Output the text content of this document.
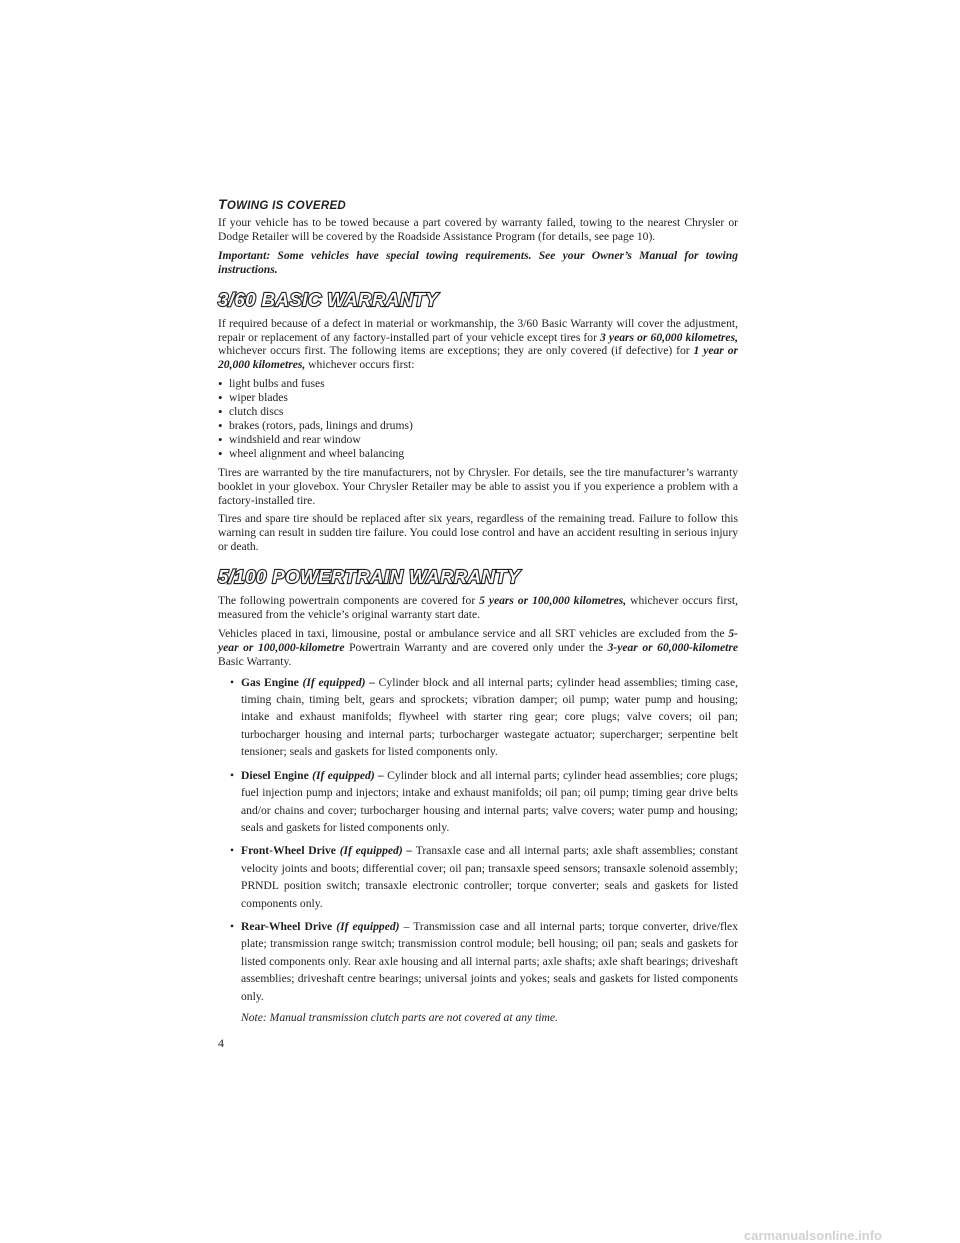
TOWING IS COVERED

If your vehicle has to be towed because a part covered by warranty failed, towing to the nearest Chrysler or Dodge Retailer will be covered by the Roadside Assistance Program (for details, see page 10).

Important: Some vehicles have special towing requirements. See your Owner’s Manual for towing instructions.

3/60 BASIC WARRANTY

If required because of a defect in material or workmanship, the 3/60 Basic Warranty will cover the adjustment, repair or replacement of any factory-installed part of your vehicle except tires for 3 years or 60,000 kilometres, whichever occurs first. The following items are exceptions; they are only covered (if defective) for 1 year or 20,000 kilometres, whichever occurs first:

• light bulbs and fuses
• wiper blades
• clutch discs
• brakes (rotors, pads, linings and drums)
• windshield and rear window
• wheel alignment and wheel balancing

Tires are warranted by the tire manufacturers, not by Chrysler. For details, see the tire manufacturer’s warranty booklet in your glovebox. Your Chrysler Retailer may be able to assist you if you experience a problem with a factory-installed tire.

Tires and spare tire should be replaced after six years, regardless of the remaining tread. Failure to follow this warning can result in sudden tire failure. You could lose control and have an accident resulting in serious injury or death.

5/100 POWERTRAIN WARRANTY

The following powertrain components are covered for 5 years or 100,000 kilometres, whichever occurs first, measured from the vehicle’s original warranty start date.

Vehicles placed in taxi, limousine, postal or ambulance service and all SRT vehicles are excluded from the 5-year or 100,000-kilometre Powertrain Warranty and are covered only under the 3-year or 60,000-kilometre Basic Warranty.

• Gas Engine (If equipped) – Cylinder block and all internal parts; cylinder head assemblies; timing case, timing chain, timing belt, gears and sprockets; vibration damper; oil pump; water pump and housing; intake and exhaust manifolds; flywheel with starter ring gear; core plugs; valve covers; oil pan; turbocharger housing and internal parts; turbocharger wastegate actuator; supercharger; serpentine belt tensioner; seals and gaskets for listed components only.
• Diesel Engine (If equipped) – Cylinder block and all internal parts; cylinder head assemblies; core plugs; fuel injection pump and injectors; intake and exhaust manifolds; oil pan; oil pump; timing gear drive belts and/or chains and cover; turbocharger housing and internal parts; valve covers; water pump and housing; seals and gaskets for listed components only.
• Front-Wheel Drive (If equipped) – Transaxle case and all internal parts; axle shaft assemblies; constant velocity joints and boots; differential cover; oil pan; transaxle speed sensors; transaxle solenoid assembly; PRNDL position switch; transaxle electronic controller; torque converter; seals and gaskets for listed components only.
• Rear-Wheel Drive (If equipped) – Transmission case and all internal parts; torque converter, drive/flex plate; transmission range switch; transmission control module; bell housing; oil pan; seals and gaskets for listed components only. Rear axle housing and all internal parts; axle shafts; axle shaft bearings; driveshaft assemblies; driveshaft centre bearings; universal joints and yokes; seals and gaskets for listed components only.

Note: Manual transmission clutch parts are not covered at any time.

4
carmanualsonline.info
